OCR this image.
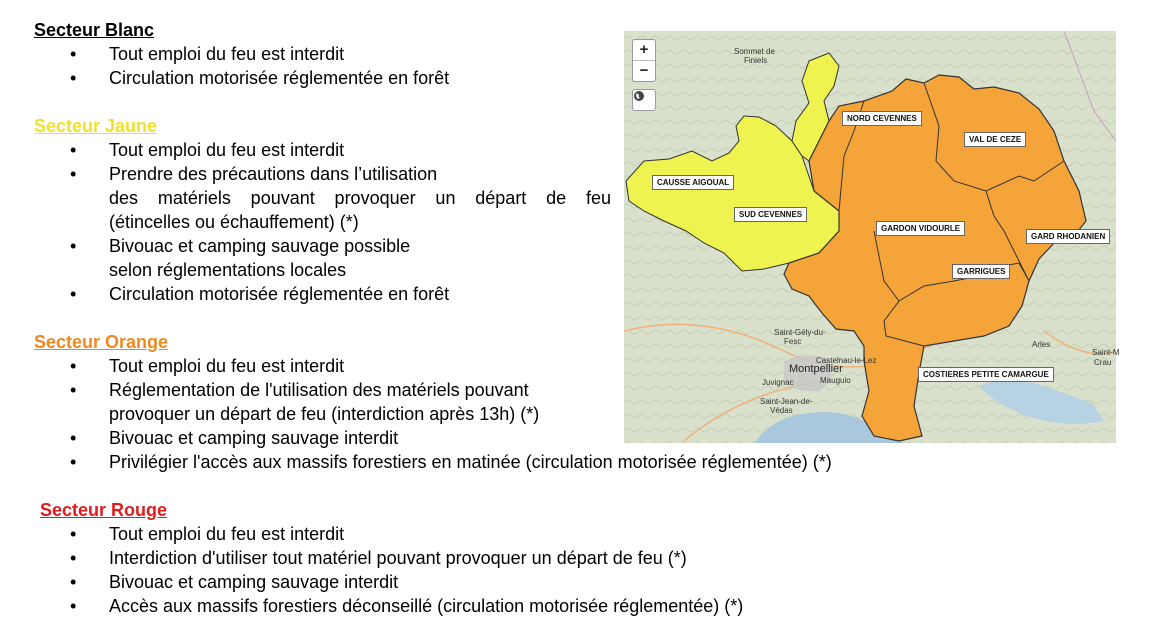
Secteur Blanc
• Tout emploi du feu est interdit
• Circulation motorisée réglementée en forêt
Secteur Jaune
• Tout emploi du feu est interdit
• Prendre des précautions dans l’utilisation
des matériels pouvant provoquer un départ de feu
(étincelles ou échauffement) (*)
• Bivouac et camping sauvage possible
selon réglementations locales
• Circulation motorisée réglementée en forêt
Secteur Orange
• Tout emploi du feu est interdit
• Réglementation de l'utilisation des matériels pouvant
provoquer un départ de feu (interdiction après 13h) (*)
• Bivouac et camping sauvage interdit
• Privilégier l'accès aux massifs forestiers en matinée (circulation motorisée réglementée) (*)
Secteur Rouge
• Tout emploi du feu est interdit
• Interdiction d'utiliser tout matériel pouvant provoquer un départ de feu (*)
• Bivouac et camping sauvage interdit
• Accès aux massifs forestiers déconseillé (circulation motorisée réglementée) (*)
+
−
NORD CEVENNES
VAL DE CEZE
CAUSSE AIGOUAL
SUD CEVENNES
GARDON VIDOURLE
GARD RHODANIEN
GARRIGUES
COSTIERES PETITE CAMARGUE
Sommet de
Finiels
Saint-Gély-du-
Fesc
Castelnau-le-Lez
Montpellier
Juvignac	Mauguio
Saint-Jean-de-
Védas
Arles
Saint-M
Crau
